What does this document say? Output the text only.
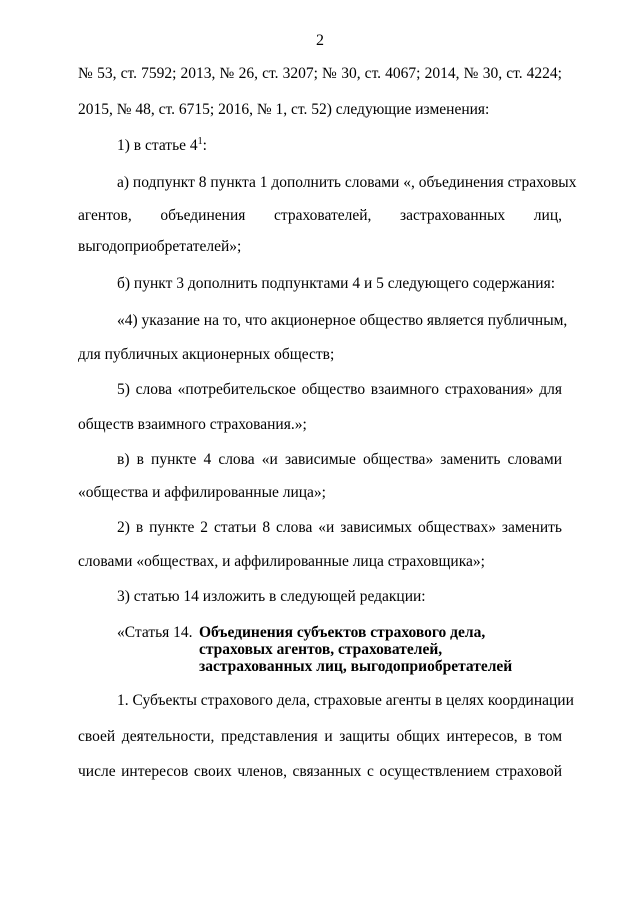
2
№ 53, ст. 7592; 2013, № 26, ст. 3207; № 30, ст. 4067; 2014, № 30, ст. 4224;
2015, № 48, ст. 6715; 2016, № 1, ст. 52) следующие изменения:
1) в статье $4^1$:
а) подпункт 8 пункта 1 дополнить словами «, объединения страховых
агентов, объединения страхователей, застрахованных лиц,
выгодоприобретателей»;
б) пункт 3 дополнить подпунктами 4 и 5 следующего содержания:
«4) указание на то, что акционерное общество является публичным,
для публичных акционерных обществ;
5) слова «потребительское общество взаимного страхования» для
обществ взаимного страхования.»;
в) в пункте 4 слова «и зависимые общества» заменить словами
«общества и аффилированные лица»;
2) в пункте 2 статьи 8 слова «и зависимых обществах» заменить
словами «обществах, и аффилированные лица страховщика»;
3) статью 14 изложить в следующей редакции:
«Статья 14. Объединения субъектов страхового дела,
страховых агентов, страхователей,
застрахованных лиц, выгодоприобретателей
1. Субъекты страхового дела, страховые агенты в целях координации
своей деятельности, представления и защиты общих интересов, в том
числе интересов своих членов, связанных с осуществлением страховой
